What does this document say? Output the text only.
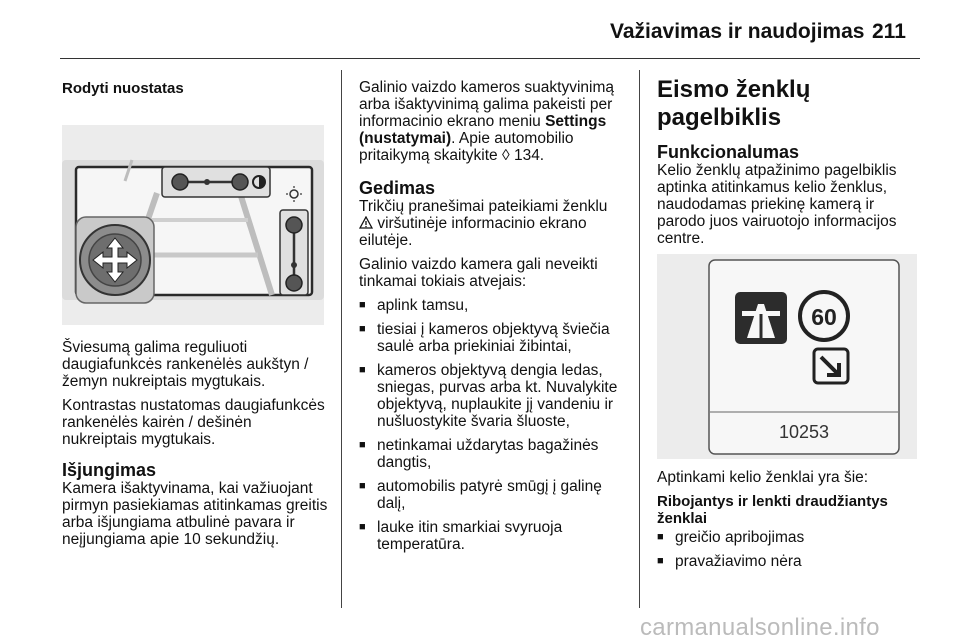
Važiavimas ir naudojimas 211
Rodyti nuostatas

Šviesumą galima reguliuoti daugiafunkcės rankenėlės aukštyn / žemyn nukreiptais mygtukais.

Kontrastas nustatomas daugiafunkcės rankenėlės kairėn / dešinėn nukreiptais mygtukais.

Išjungimas

Kamera išaktyvinama, kai važiuojant pirmyn pasiekiamas atitinkamas greitis arba išjungiama atbulinė pavara ir neįjungiama apie 10 sekundžių.

Galinio vaizdo kameros suaktyvinimą arba išaktyvinimą galima pakeisti per informacinio ekrano meniu Settings (nustatymai). Apie automobilio pritaikymą skaitykite ◊ 134.

Gedimas

Trikčių pranešimai pateikiami ženklu
viršutinėje informacinio ekrano eilutėje.

Galinio vaizdo kamera gali neveikti tinkamai tokiais atvejais:

■ aplink tamsu,
■ tiesiai į kameros objektyvą šviečia saulė arba priekiniai žibintai,
■ kameros objektyvą dengia ledas, sniegas, purvas arba kt. Nuvalykite objektyvą, nuplaukite jį vandeniu ir nušluostykite švaria šluoste,
■ netinkamai uždarytas bagažinės dangtis,
■ automobilis patyrė smūgį į galinę dalį,
■ lauke itin smarkiai svyruoja temperatūra.
Eismo ženklų pagelbiklis
Funkcionalumas

Kelio ženklų atpažinimo pagelbiklis aptinka atitinkamus kelio ženklus, naudodamas priekinę kamerą ir parodo juos vairuotojo informacijos centre.

60
10253

Aptinkami kelio ženklai yra šie:

Ribojantys ir lenkti draudžiantys ženklai
■ greičio apribojimas
■ pravažiavimo nėra
carmanualsonline.info
